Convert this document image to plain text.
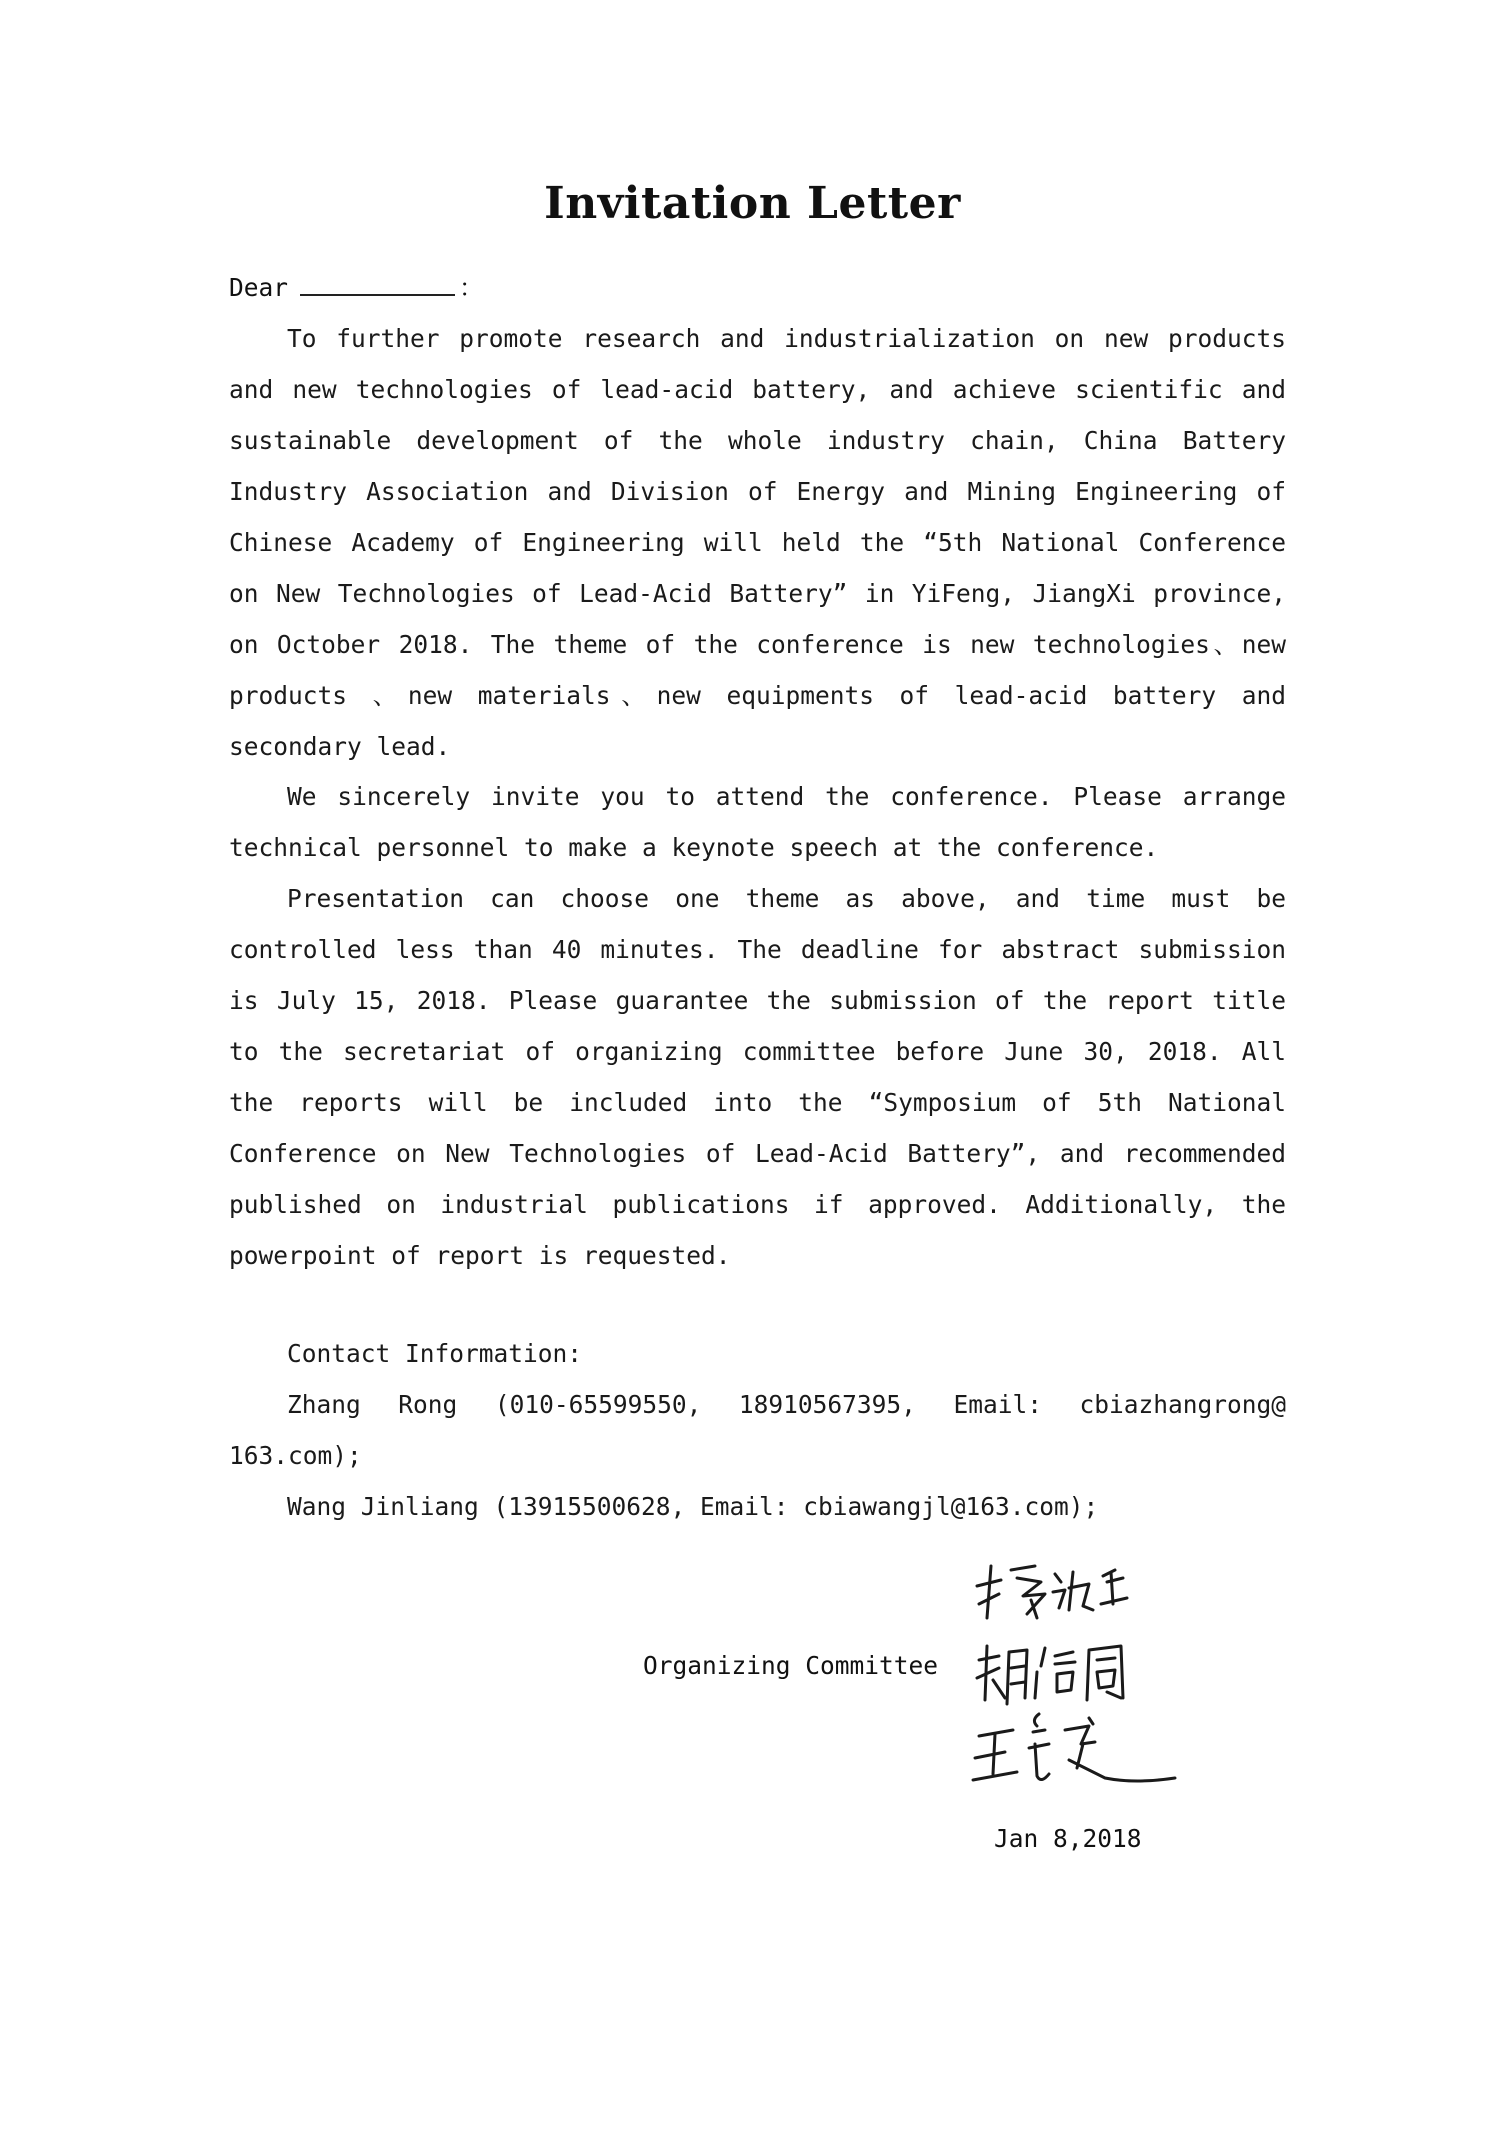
Invitation Letter
Dear	：

To further promote research and industrialization on new products and new technologies of lead-acid battery, and achieve scientific and sustainable development of the whole industry chain, China Battery Industry Association and Division of Energy and Mining Engineering of Chinese Academy of Engineering will held the “5th National Conference on New Technologies of Lead-Acid Battery” in YiFeng, JiangXi province, on October 2018. The theme of the conference is new technologies、new products 、new materials、new equipments of lead-acid battery and secondary lead.

We sincerely invite you to attend the conference. Please arrange technical personnel to make a keynote speech at the conference.

Presentation can choose one theme as above, and time must be controlled less than 40 minutes. The deadline for abstract submission is July 15, 2018. Please guarantee the submission of the report title to the secretariat of organizing committee before June 30, 2018. All the reports will be included into the “Symposium of 5th National Conference on New Technologies of Lead-Acid Battery”, and recommended published on industrial publications if approved. Additionally, the powerpoint of report is requested.

Contact Information:

Zhang Rong (010-65599550, 18910567395, Email: cbiazhangrong@

163.com);

Wang Jinliang (13915500628, Email: cbiawangjl@163.com);

Organizing Committee
Jan 8,2018
